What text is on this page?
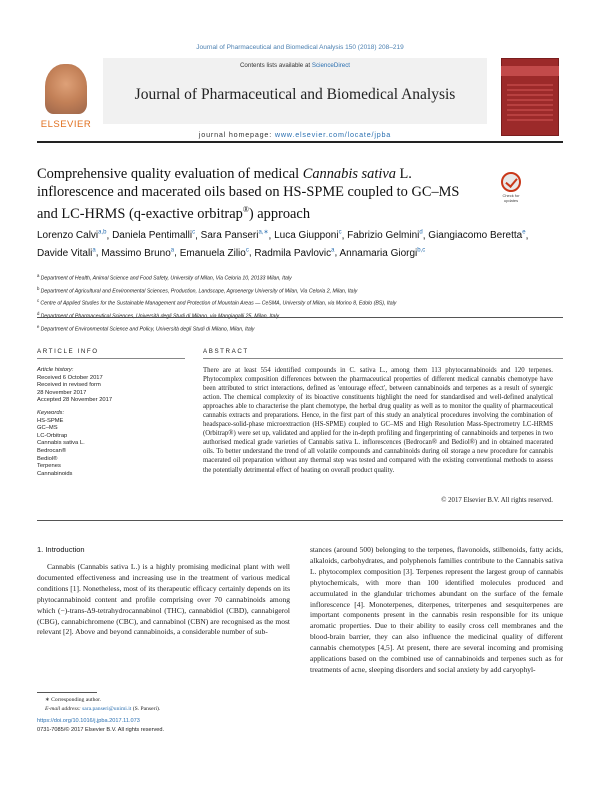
Journal of Pharmaceutical and Biomedical Analysis 150 (2018) 208–219
ELSEVIER
Contents lists available at ScienceDirect
Journal of Pharmaceutical and Biomedical Analysis
journal homepage: www.elsevier.com/locate/jpba
Comprehensive quality evaluation of medical Cannabis sativa L. inflorescence and macerated oils based on HS-SPME coupled to GC–MS and LC-HRMS (q-exactive orbitrap®) approach
Check for updates
Lorenzo Calvi$^{a,b}$, Daniela Pentimalli$^c$, Sara Panseri$^{a,∗}$, Luca Giupponi$^c$, Fabrizio Gelmini$^d$, Giangiacomo Beretta$^e$, Davide Vitali$^a$, Massimo Bruno$^a$, Emanuela Zilio$^c$, Radmila Pavlovic$^a$, Annamaria Giorgi$^{b,c}$
$^a$ Department of Health, Animal Science and Food Safety, University of Milan, Via Celoria 10, 20133 Milan, Italy
$^b$ Department of Agricultural and Environmental Sciences, Production, Landscape, Agroenergy University of Milan, Via Celoria 2, Milan, Italy
$^c$ Centre of Applied Studies for the Sustainable Management and Protection of Mountain Areas — CeSMA, University of Milan, via Morino 8, Edolo (BS), Italy
$^d$
$^e$ Department of Environmental Science and Policy, Università degli Studi di Milano, Milan, Italy
ARTICLE INFO	ABSTRACT
Article history:
Received 6 October 2017
Received in revised form
28 November 2017
Accepted 28 November 2017
Keywords:
HS-SPME
GC–MS
LC-Orbitrap
Cannabis sativa L.
Bedrocan®
Bediol®
Terpenes
Cannabinoids
There are at least 554 identified compounds in C. sativa L., among them 113 phytocannabinoids and 120 terpenes. Phytocomplex composition differences between the pharmaceutical properties of different medical cannabis chemotype have been attributed to strict interactions, defined as 'entourage effect', between cannabinoids and terpenes as a result of synergic action. The chemical complexity of its bioactive constituents highlight the need for standardised and well-defined analytical approaches able to characterise the plant chemotype, the herbal drug quality as well as to monitor the quality of pharmaceutical cannabis extracts and preparations. Hence, in the first part of this study an analytical procedures involving the combination of headspace-solid-phase microextraction (HS-SPME) coupled to GC–MS and High Resolution Mass-Spectrometry LC-HRMS (Orbitrap®) were set up, validated and applied for the in-depth profiling and fingerprinting of cannabinoids and terpenes in two authorised medical grade varieties of Cannabis sativa L. inflorescences (Bedrocan® and Bediol®) and in obtained macerated oils. To better understand the trend of all volatile compounds and cannabinoids during oil storage a new procedure for cannabis macerated oil preparation without any thermal step was tested and compared with the existing conventional methods to assess the potentially detrimental effect of heating on overall product quality.
© 2017 Elsevier B.V. All rights reserved.
1. Introduction
Cannabis (Cannabis sativa L.) is a highly promising medicinal plant with well documented effectiveness and increasing use in the treatment of various medical conditions [1]. Nonetheless, most of its therapeutic efficacy certainly depends on its phytocannabinoid content and profile comprising over 70 cannabinoids among which (−)-trans-Δ9-tetrahydrocannabinol (THC), cannabidiol (CBD), cannabigerol (CBG), cannabichromene (CBC), and cannabinol (CBN) are recognised as the most relevant [2]. Above and beyond cannabinoids, a considerable number of sub-
stances (around 500) belonging to the terpenes, flavonoids, stilbenoids, fatty acids, alkaloids, carbohydrates, and polyphenols families contribute to the Cannabis sativa L. phytocomplex composition [3]. Terpenes represent the largest group of cannabis phytochemicals, with more than 100 identified molecules produced and accumulated in the glandular trichomes abundant on the surface of the female inflorescence [4]. Monoterpenes, diterpenes, triterpenes and sesquiterpenes are important components present in the cannabis resin responsible for its unique aromatic properties. Due to their ability to easily cross cell membranes and the blood-brain barrier, they can also influence the medicinal quality of different cannabis chemotypes [4,5]. At present, there are several incoming and promising applications based on the combined use of cannabinoids and terpenes such as for treatments of acne, sleeping disorders and social anxiety by add caryophyl-
∗ Corresponding author.
E-mail address: sara.panseri@unimi.it (S. Panseri).
https://doi.org/10.1016/j.jpba.2017.11.073
0731-7085/© 2017 Elsevier B.V. All rights reserved.
